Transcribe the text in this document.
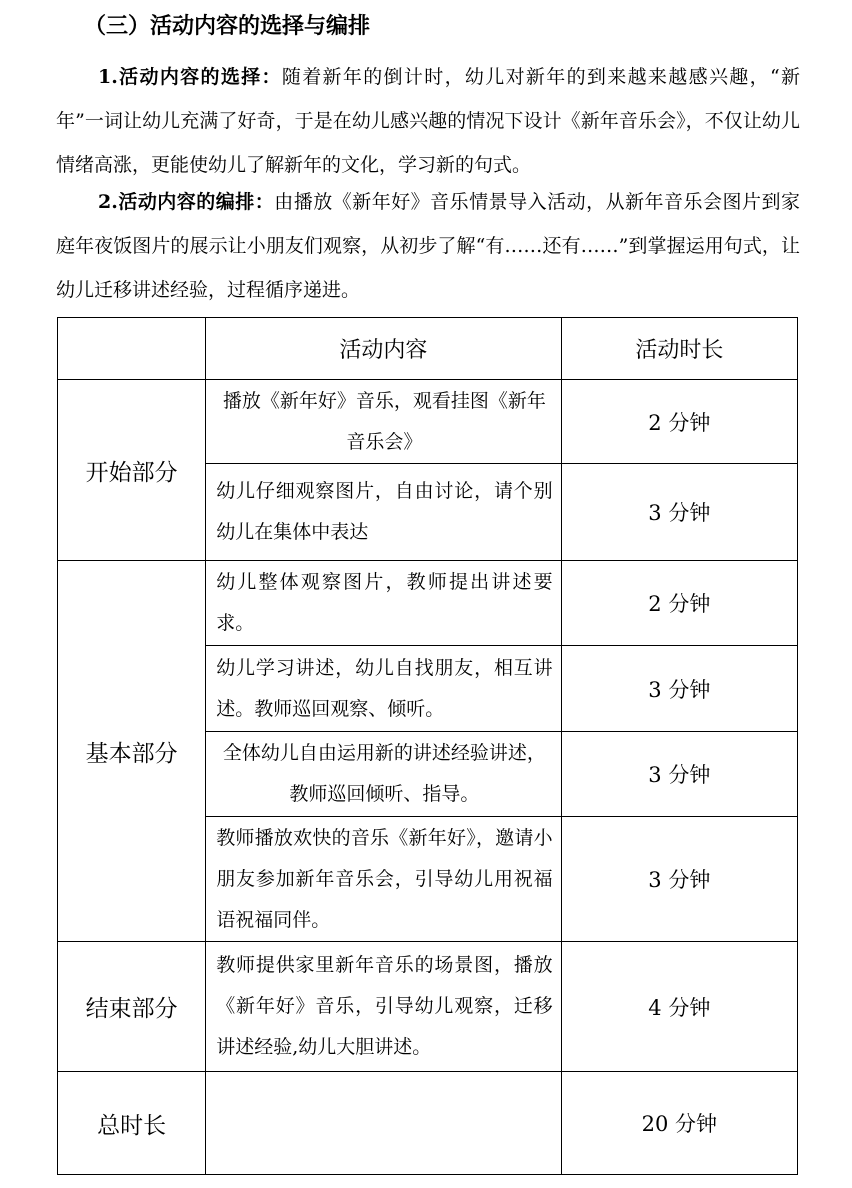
（三）活动内容的选择与编排

1.活动内容的选择：随着新年的倒计时，幼儿对新年的到来越来越感兴趣，“新年”一词让幼儿充满了好奇，于是在幼儿感兴趣的情况下设计《新年音乐会》，不仅让幼儿情绪高涨，更能使幼儿了解新年的文化，学习新的句式。

2.活动内容的编排：由播放《新年好》音乐情景导入活动，从新年音乐会图片到家庭年夜饭图片的展示让小朋友们观察，从初步了解“有……还有……”到掌握运用句式，让幼儿迁移讲述经验，过程循序递进。

	活动内容	活动时长
开始部分	播放《新年好》音乐，观看挂图《新年音乐会》	2 分钟
	幼儿仔细观察图片，自由讨论，请个别幼儿在集体中表达	3 分钟
基本部分	幼儿整体观察图片，教师提出讲述要求。	2 分钟
	幼儿学习讲述，幼儿自找朋友，相互讲述。教师巡回观察、倾听。	3 分钟
	全体幼儿自由运用新的讲述经验讲述，教师巡回倾听、指导。	3 分钟
	教师播放欢快的音乐《新年好》，邀请小朋友参加新年音乐会，引导幼儿用祝福语祝福同伴。	3 分钟
结束部分	教师提供家里新年音乐的场景图，播放《新年好》音乐，引导幼儿观察，迁移讲述经验,幼儿大胆讲述。	4 分钟
总时长		20 分钟
